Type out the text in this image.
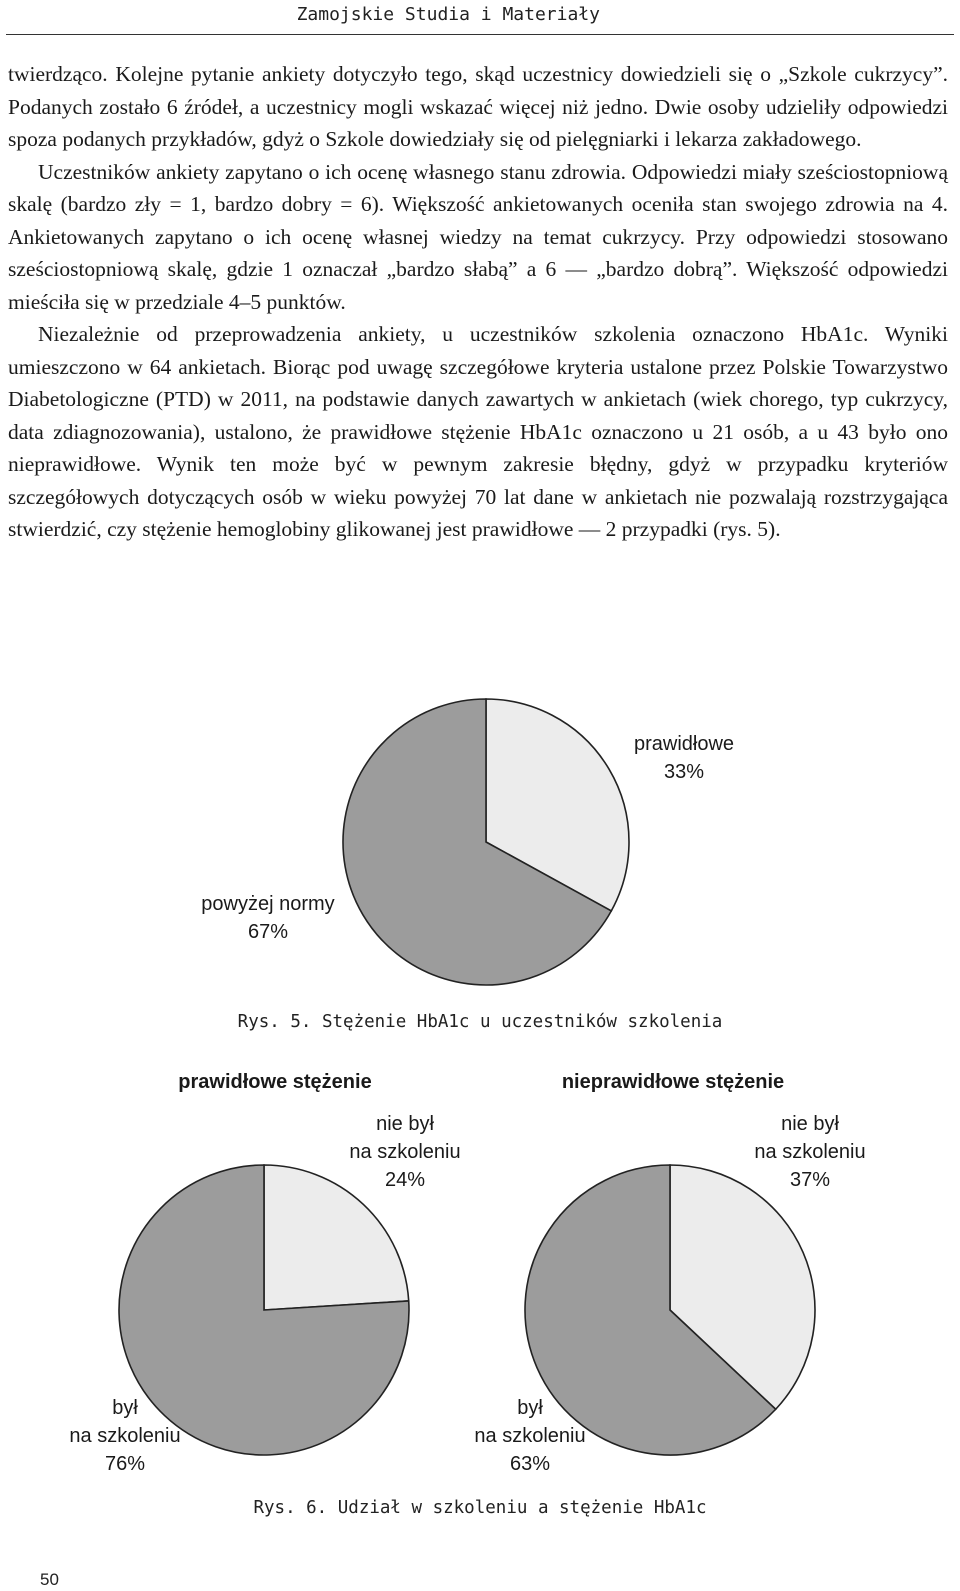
Zamojskie Studia i Materiały

twierdząco. Kolejne pytanie ankiety dotyczyło tego, skąd uczestnicy dowiedzieli się o „Szkole cukrzycy”. Podanych zostało 6 źródeł, a uczestnicy mogli wskazać więcej niż jedno. Dwie osoby udzieliły odpowiedzi spoza podanych przykładów, gdyż o Szkole dowiedziały się od pielęgniarki i lekarza zakładowego.

Uczestników ankiety zapytano o ich ocenę własnego stanu zdrowia. Odpowiedzi miały sześciostopniową skalę (bardzo zły = 1, bardzo dobry = 6). Większość ankietowanych oceniła stan swojego zdrowia na 4. Ankietowanych zapytano o ich ocenę własnej wiedzy na temat cukrzycy. Przy odpowiedzi stosowano sześciostopniową skalę, gdzie 1 oznaczał „bardzo słabą” a 6 — „bardzo dobrą”. Większość odpowiedzi mieściła się w przedziale 4–5 punktów.

Niezależnie od przeprowadzenia ankiety, u uczestników szkolenia oznaczono HbA1c. Wyniki umieszczono w 64 ankietach. Biorąc pod uwagę szczegółowe kryteria ustalone przez Polskie Towarzystwo Diabetologiczne (PTD) w 2011, na podstawie danych zawartych w ankietach (wiek chorego, typ cukrzycy, data zdiagnozowania), ustalono, że prawidłowe stężenie HbA1c oznaczono u 21 osób, a u 43 było ono nieprawidłowe. Wynik ten może być w pewnym zakresie błędny, gdyż w przypadku kryteriów szczegółowych dotyczących osób w wieku powyżej 70 lat dane w ankietach nie pozwalają rozstrzygająca stwierdzić, czy stężenie hemoglobiny glikowanej jest prawidłowe — 2 przypadki (rys. 5).

prawidłowe 33%
powyżej normy 67%
Rys. 5. Stężenie HbA1c u uczestników szkolenia
nie był na szkoleniu 24%
był na szkoleniu 76%
prawidłowe stężenie
nie był na szkoleniu 37%
był na szkoleniu 63%
nieprawidłowe stężenie
Rys. 6. Udział w szkoleniu a stężenie HbA1c
50
